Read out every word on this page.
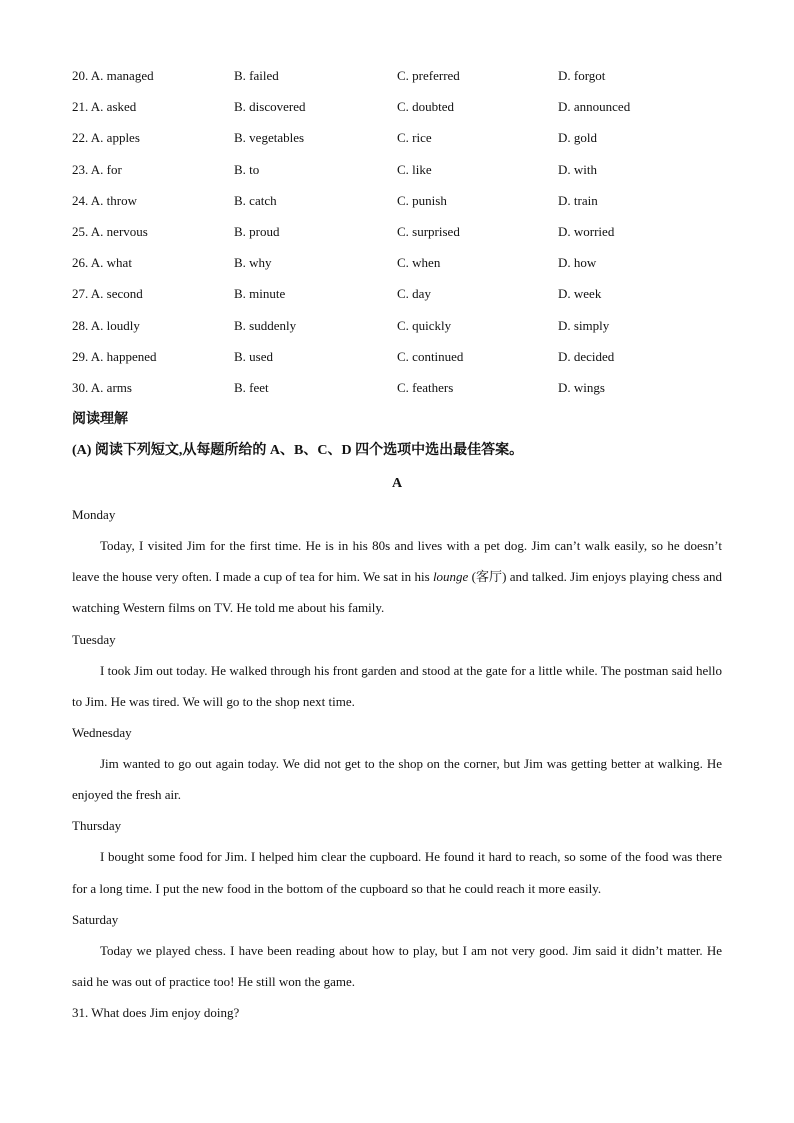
20. A. managed	B. failed	C. preferred	D. forgot
21. A. asked	B. discovered	C. doubted	D. announced
22. A. apples	B. vegetables	C. rice	D. gold
23. A. for	B. to	C. like	D. with
24. A. throw	B. catch	C. punish	D. train
25. A. nervous	B. proud	C. surprised	D. worried
26. A. what	B. why	C. when	D. how
27. A. second	B. minute	C. day	D. week
28. A. loudly	B. suddenly	C. quickly	D. simply
29. A. happened	B. used	C. continued	D. decided
30. A. arms	B. feet	C. feathers	D. wings
阅读理解
(A) 阅读下列短文,从每题所给的 A、B、C、D 四个选项中选出最佳答案。
A
Monday
Today, I visited Jim for the first time. He is in his 80s and lives with a pet dog. Jim can’t walk easily, so he doesn’t leave the house very often. I made a cup of tea for him. We sat in his lounge (客厅) and talked. Jim enjoys playing chess and watching Western films on TV. He told me about his family.
Tuesday
I took Jim out today. He walked through his front garden and stood at the gate for a little while. The postman said hello to Jim. He was tired. We will go to the shop next time.
Wednesday
Jim wanted to go out again today. We did not get to the shop on the corner, but Jim was getting better at walking. He enjoyed the fresh air.
Thursday
I bought some food for Jim. I helped him clear the cupboard. He found it hard to reach, so some of the food was there for a long time. I put the new food in the bottom of the cupboard so that he could reach it more easily.
Saturday
Today we played chess. I have been reading about how to play, but I am not very good. Jim said it didn’t matter. He said he was out of practice too! He still won the game.
31. What does Jim enjoy doing?
